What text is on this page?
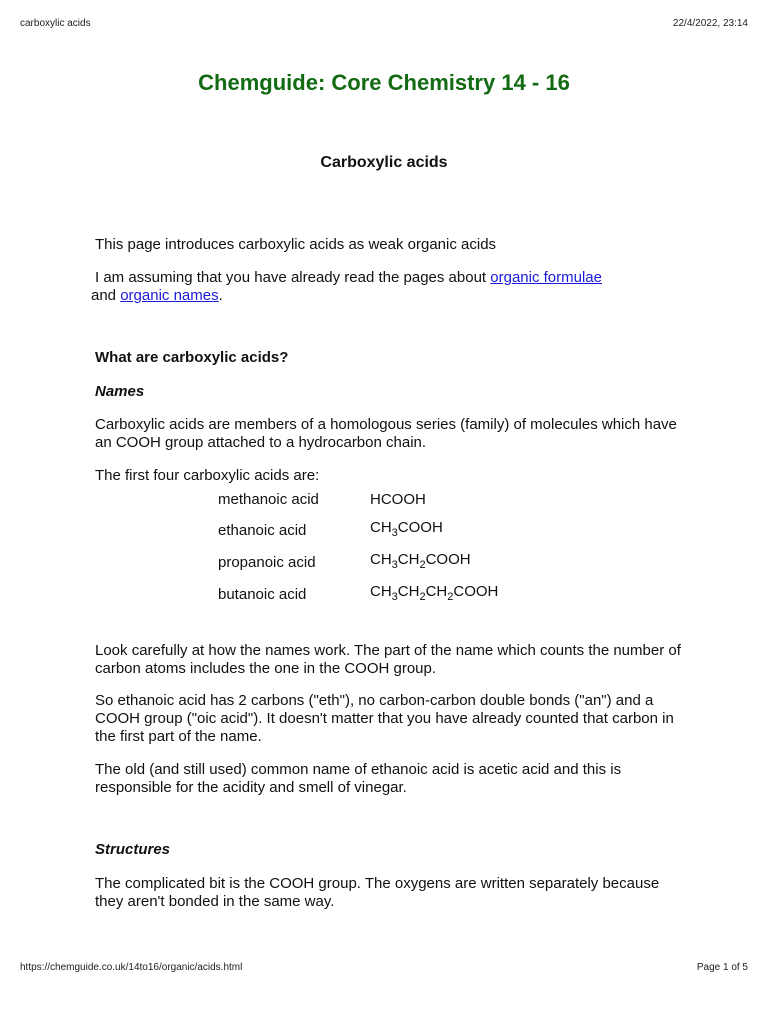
carboxylic acids	22/4/2022, 23:14
Chemguide: Core Chemistry 14 - 16
Carboxylic acids

This page introduces carboxylic acids as weak organic acids

I am assuming that you have already read the pages about organic formulae
and organic names.

What are carboxylic acids?

Names

Carboxylic acids are members of a homologous series (family) of molecules which have an COOH group attached to a hydrocarbon chain.

The first four carboxylic acids are:

methanoic acid	HCOOH
ethanoic acid	$CH_3COOH$
propanoic acid	$CH_3CH_2COOH$
butanoic acid	$CH_3CH_2CH_2COOH$

Look carefully at how the names work. The part of the name which counts the number of carbon atoms includes the one in the COOH group.

So ethanoic acid has 2 carbons ("eth"), no carbon-carbon double bonds ("an") and a COOH group ("oic acid"). It doesn't matter that you have already counted that carbon in the first part of the name.

The old (and still used) common name of ethanoic acid is acetic acid and this is responsible for the acidity and smell of vinegar.

Structures

The complicated bit is the COOH group. The oxygens are written separately because they aren't bonded in the same way.

https://chemguide.co.uk/14to16/organic/acids.html	Page 1 of 5
